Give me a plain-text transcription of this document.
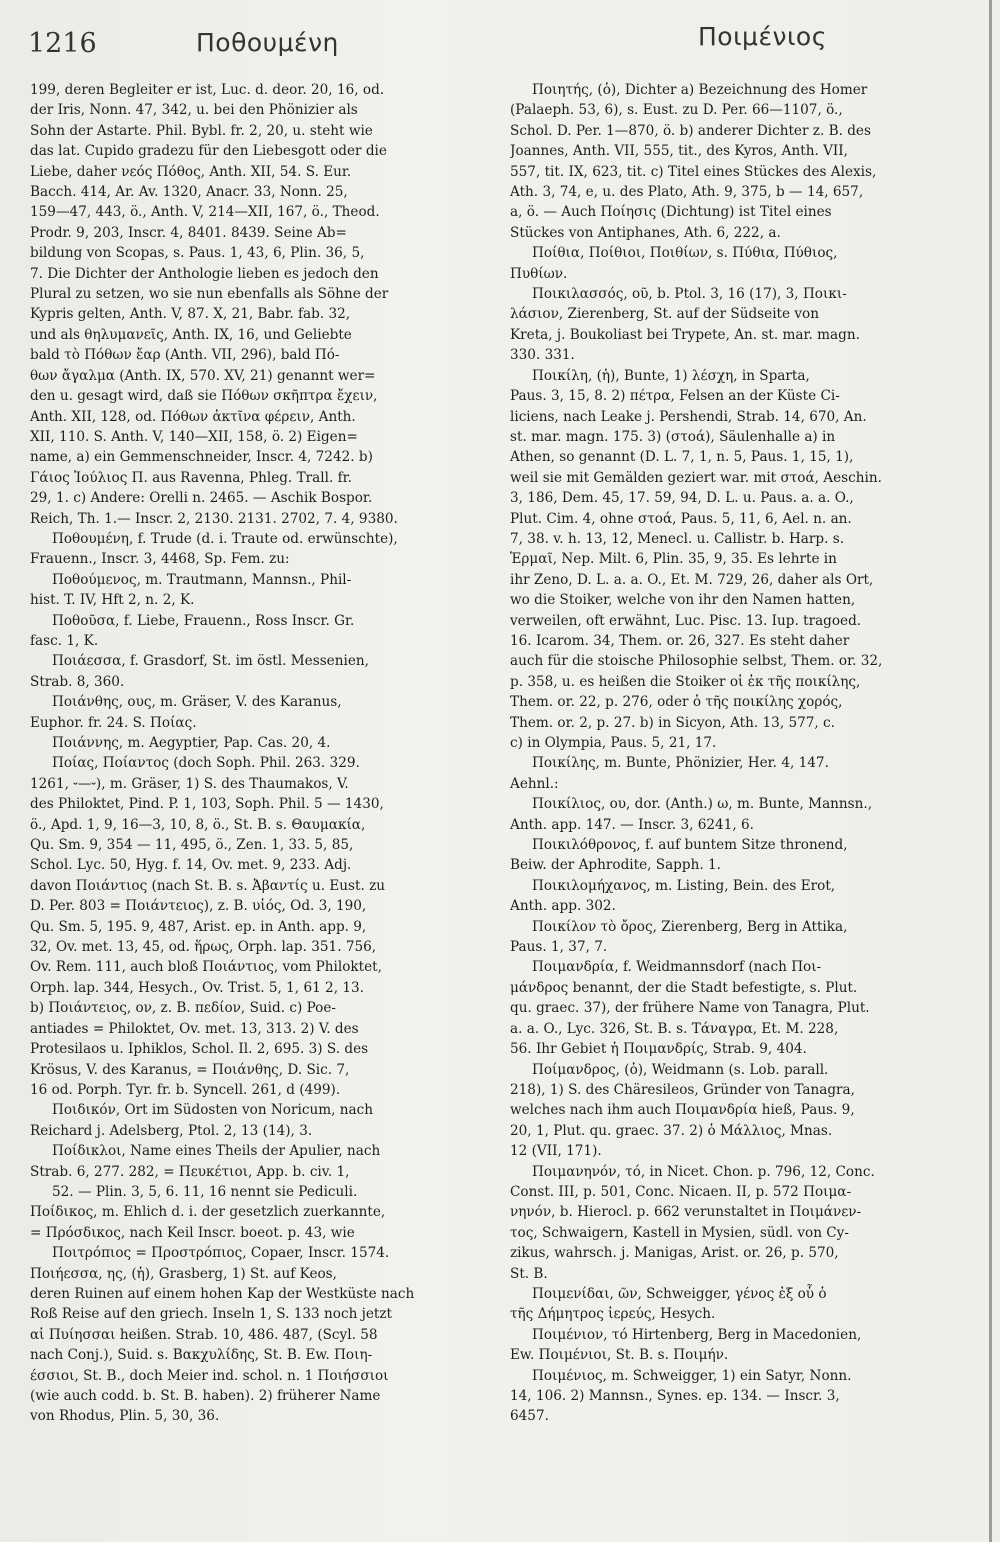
1216	Ποθουμένη	Ποιμένιος
199, deren Begleiter er ist, Luc. d. deor. 20, 16, od.
der Iris, Nonn. 47, 342, u. bei den Phönizier als
Sohn der Astarte. Phil. Bybl. fr. 2, 20, u. steht wie
das lat. Cupido gradezu für den Liebesgott oder die
Liebe, daher νεός Πόθος, Anth. XII, 54. S. Eur.
Bacch. 414, Ar. Av. 1320, Anacr. 33, Nonn. 25,
159—47, 443, ö., Anth. V, 214—XII, 167, ö., Theod.
Prodr. 9, 203, Inscr. 4, 8401. 8439. Seine Ab=
bildung von Scopas, s. Paus. 1, 43, 6, Plin. 36, 5,
7. Die Dichter der Anthologie lieben es jedoch den
Plural zu setzen, wo sie nun ebenfalls als Söhne der
Kypris gelten, Anth. V, 87. X, 21, Babr. fab. 32,
und als θηλυμανεῖς, Anth. IX, 16, und Geliebte
bald τὸ Πόθων ἔαρ (Anth. VII, 296), bald Πό-
θων ἄγαλμα (Anth. IX, 570. XV, 21) genannt wer=
den u. gesagt wird, daß sie Πόθων σκῆπτρα ἔχειν,
Anth. XII, 128, od. Πόθων ἀκτῖνα φέρειν, Anth.
XII, 110. S. Anth. V, 140—XII, 158, ö. 2) Eigen=
name, a) ein Gemmenschneider, Inscr. 4, 7242. b)
Γάιος Ἰούλιος Π. aus Ravenna, Phleg. Trall. fr.
29, 1. c) Andere: Orelli n. 2465. — Aschik Bospor.
Reich, Th. 1.— Inscr. 2, 2130. 2131. 2702, 7. 4, 9380.
Ποθουμένη, f. Trude (d. i. Traute od. erwünschte),
Frauenn., Inscr. 3, 4468, Sp. Fem. zu:
Ποθούμενος, m. Trautmann, Mannsn., Phil-
hist. T. IV, Hft 2, n. 2, K.
Ποθοῦσα, f. Liebe, Frauenn., Ross Inscr. Gr.
fasc. 1, K.
Ποιάεσσα, f. Grasdorf, St. im östl. Messenien,
Strab. 8, 360.
Ποιάνθης, ους, m. Gräser, V. des Karanus,
Euphor. fr. 24. S. Ποίας.
Ποιάννης, m. Aegyptier, Pap. Cas. 20, 4.
Ποίας, Ποίαντος (doch Soph. Phil. 263. 329.
1261, ⏑—⏑), m. Gräser, 1) S. des Thaumakos, V.
des Philoktet, Pind. P. 1, 103, Soph. Phil. 5 — 1430,
ö., Apd. 1, 9, 16—3, 10, 8, ö., St. B. s. Θαυμακία,
Qu. Sm. 9, 354 — 11, 495, ö., Zen. 1, 33. 5, 85,
Schol. Lyc. 50, Hyg. f. 14, Ov. met. 9, 233. Adj.
davon Ποιάντιος (nach St. B. s. Ἀβαντίς u. Eust. zu
D. Per. 803 = Ποιάντειος), z. B. υἱός, Od. 3, 190,
Qu. Sm. 5, 195. 9, 487, Arist. ep. in Anth. app. 9,
32, Ov. met. 13, 45, od. ἥρως, Orph. lap. 351. 756,
Ov. Rem. 111, auch bloß Ποιάντιος, vom Philoktet,
Orph. lap. 344, Hesych., Ov. Trist. 5, 1, 61 2, 13.
b) Ποιάντειος, ον, z. B. πεδίον, Suid. c) Poe-
antiades = Philoktet, Ov. met. 13, 313. 2) V. des
Protesilaos u. Iphiklos, Schol. Il. 2, 695. 3) S. des
Krösus, V. des Karanus, = Ποιάνθης, D. Sic. 7,
16 od. Porph. Tyr. fr. b. Syncell. 261, d (499).
Ποιδικόν, Ort im Südosten von Noricum, nach
Reichard j. Adelsberg, Ptol. 2, 13 (14), 3.
Ποίδικλοι, Name eines Theils der Apulier, nach
Strab. 6, 277. 282, = Πευκέτιοι, App. b. civ. 1,
52. — Plin. 3, 5, 6. 11, 16 nennt sie Pediculi.
Ποίδικος, m. Ehlich d. i. der gesetzlich zuerkannte,
= Πρόσδικος, nach Keil Inscr. boeot. p. 43, wie
Ποιτρόπιος = Προστρόπιος, Copaer, Inscr. 1574.
Ποιήεσσα, ης, (ἡ), Grasberg, 1) St. auf Keos,
deren Ruinen auf einem hohen Kap der Westküste nach
Roß Reise auf den griech. Inseln 1, S. 133 noch jetzt
αἱ Πυίησσαι heißen. Strab. 10, 486. 487, (Scyl. 58
nach Conj.), Suid. s. Βακχυλίδης, St. B. Ew. Ποιη-
έσσιοι, St. B., doch Meier ind. schol. n. 1 Ποιήσσιοι
(wie auch codd. b. St. B. haben). 2) früherer Name
von Rhodus, Plin. 5, 30, 36.
Ποιητής, (ὁ), Dichter a) Bezeichnung des Homer
(Palaeph. 53, 6), s. Eust. zu D. Per. 66—1107, ö.,
Schol. D. Per. 1—870, ö. b) anderer Dichter z. B. des
Joannes, Anth. VII, 555, tit., des Kyros, Anth. VII,
557, tit. IX, 623, tit. c) Titel eines Stückes des Alexis,
Ath. 3, 74, e, u. des Plato, Ath. 9, 375, b — 14, 657,
a, ö. — Auch Ποίησις (Dichtung) ist Titel eines
Stückes von Antiphanes, Ath. 6, 222, a.
Ποίθια, Ποίθιοι, Ποιθίων, s. Πύθια, Πύθιος,
Πυθίων.
Ποικιλασσός, οῦ, b. Ptol. 3, 16 (17), 3, Ποικι-
λάσιον, Zierenberg, St. auf der Südseite von
Kreta, j. Boukoliast bei Trypete, An. st. mar. magn.
330. 331.
Ποικίλη, (ἡ), Bunte, 1) λέσχη, in Sparta,
Paus. 3, 15, 8. 2) πέτρα, Felsen an der Küste Ci-
liciens, nach Leake j. Pershendi, Strab. 14, 670, An.
st. mar. magn. 175. 3) (στοά), Säulenhalle a) in
Athen, so genannt (D. L. 7, 1, n. 5, Paus. 1, 15, 1),
weil sie mit Gemälden geziert war. mit στοά, Aeschin.
3, 186, Dem. 45, 17. 59, 94, D. L. u. Paus. a. a. O.,
Plut. Cim. 4, ohne στοά, Paus. 5, 11, 6, Ael. n. an.
7, 38. v. h. 13, 12, Menecl. u. Callistr. b. Harp. s.
Ἑρμαῖ, Nep. Milt. 6, Plin. 35, 9, 35. Es lehrte in
ihr Zeno, D. L. a. a. O., Et. M. 729, 26, daher als Ort,
wo die Stoiker, welche von ihr den Namen hatten,
verweilen, oft erwähnt, Luc. Pisc. 13. Iup. tragoed.
16. Icarom. 34, Them. or. 26, 327. Es steht daher
auch für die stoische Philosophie selbst, Them. or. 32,
p. 358, u. es heißen die Stoiker οἱ ἐκ τῆς ποικίλης,
Them. or. 22, p. 276, oder ὁ τῆς ποικίλης χορός,
Them. or. 2, p. 27. b) in Sicyon, Ath. 13, 577, c.
c) in Olympia, Paus. 5, 21, 17.
Ποικίλης, m. Bunte, Phönizier, Her. 4, 147.
Aehnl.:
Ποικίλιος, ου, dor. (Anth.) ω, m. Bunte, Mannsn.,
Anth. app. 147. — Inscr. 3, 6241, 6.
Ποικιλόθρονος, f. auf buntem Sitze thronend,
Beiw. der Aphrodite, Sapph. 1.
Ποικιλομήχανος, m. Listing, Bein. des Erot,
Anth. app. 302.
Ποικίλον τὸ ὄρος, Zierenberg, Berg in Attika,
Paus. 1, 37, 7.
Ποιμανδρία, f. Weidmannsdorf (nach Ποι-
μάνδρος benannt, der die Stadt befestigte, s. Plut.
qu. graec. 37), der frühere Name von Tanagra, Plut.
a. a. O., Lyc. 326, St. B. s. Τάναγρα, Et. M. 228,
56. Ihr Gebiet ἡ Ποιμανδρίς, Strab. 9, 404.
Ποίμανδρος, (ὁ), Weidmann (s. Lob. parall.
218), 1) S. des Chäresileos, Gründer von Tanagra,
welches nach ihm auch Ποιμανδρία hieß, Paus. 9,
20, 1, Plut. qu. graec. 37. 2) ὁ Μάλλιος, Mnas.
12 (VII, 171).
Ποιμανηνόν, τό, in Nicet. Chon. p. 796, 12, Conc.
Const. III, p. 501, Conc. Nicaen. II, p. 572 Ποιμα-
νηνόν, b. Hierocl. p. 662 verunstaltet in Ποιμάνεν-
τος, Schwaigern, Kastell in Mysien, südl. von Cy-
zikus, wahrsch. j. Manigas, Arist. or. 26, p. 570,
St. B.
Ποιμενίδαι, ῶν, Schweigger, γένος ἐξ οὗ ὁ
τῆς Δήμητρος ἱερεύς, Hesych.
Ποιμένιον, τό Hirtenberg, Berg in Macedonien,
Ew. Ποιμένιοι, St. B. s. Ποιμήν.
Ποιμένιος, m. Schweigger, 1) ein Satyr, Nonn.
14, 106. 2) Mannsn., Synes. ep. 134. — Inscr. 3,
6457.
